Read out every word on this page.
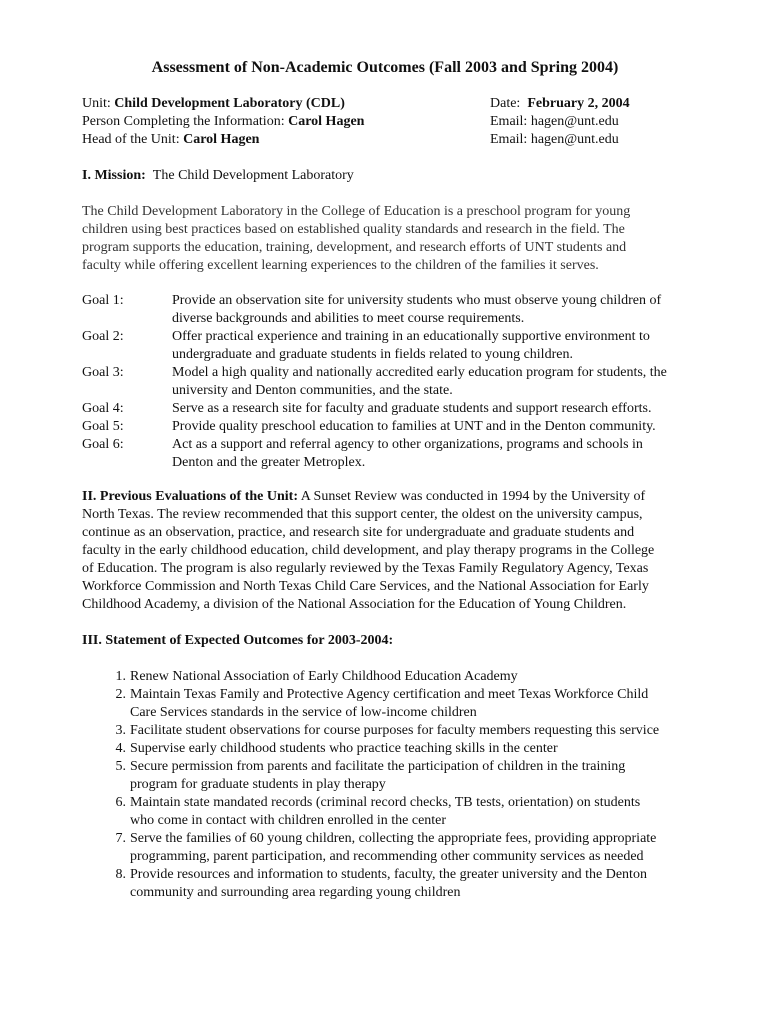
Assessment of Non-Academic Outcomes (Fall 2003 and Spring 2004)
Unit: Child Development Laboratory (CDL)
Person Completing the Information: Carol Hagen
Head of the Unit: Carol Hagen
Date: February 2, 2004
Email: hagen@unt.edu
Email: hagen@unt.edu
I. Mission: The Child Development Laboratory
The Child Development Laboratory in the College of Education is a preschool program for young
children using best practices based on established quality standards and research in the field. The
program supports the education, training, development, and research efforts of UNT students and
faculty while offering excellent learning experiences to the children of the families it serves.
Goal 1:	Provide an observation site for university students who must observe young children of
diverse backgrounds and abilities to meet course requirements.
Goal 2:	Offer practical experience and training in an educationally supportive environment to
undergraduate and graduate students in fields related to young children.
Goal 3:	Model a high quality and nationally accredited early education program for students, the
university and Denton communities, and the state.
Goal 4:	Serve as a research site for faculty and graduate students and support research efforts.
Goal 5:	Provide quality preschool education to families at UNT and in the Denton community.
Goal 6:	Act as a support and referral agency to other organizations, programs and schools in
Denton and the greater Metroplex.
II. Previous Evaluations of the Unit: A Sunset Review was conducted in 1994 by the University of
North Texas. The review recommended that this support center, the oldest on the university campus,
continue as an observation, practice, and research site for undergraduate and graduate students and
faculty in the early childhood education, child development, and play therapy programs in the College
of Education. The program is also regularly reviewed by the Texas Family Regulatory Agency, Texas
Workforce Commission and North Texas Child Care Services, and the National Association for Early
Childhood Academy, a division of the National Association for the Education of Young Children.
III. Statement of Expected Outcomes for 2003-2004:
1. Renew National Association of Early Childhood Education Academy
2. Maintain Texas Family and Protective Agency certification and meet Texas Workforce Child
Care Services standards in the service of low-income children
3. Facilitate student observations for course purposes for faculty members requesting this service
4. Supervise early childhood students who practice teaching skills in the center
5. Secure permission from parents and facilitate the participation of children in the training
program for graduate students in play therapy
6. Maintain state mandated records (criminal record checks, TB tests, orientation) on students
who come in contact with children enrolled in the center
7. Serve the families of 60 young children, collecting the appropriate fees, providing appropriate
programming, parent participation, and recommending other community services as needed
8. Provide resources and information to students, faculty, the greater university and the Denton
community and surrounding area regarding young children
